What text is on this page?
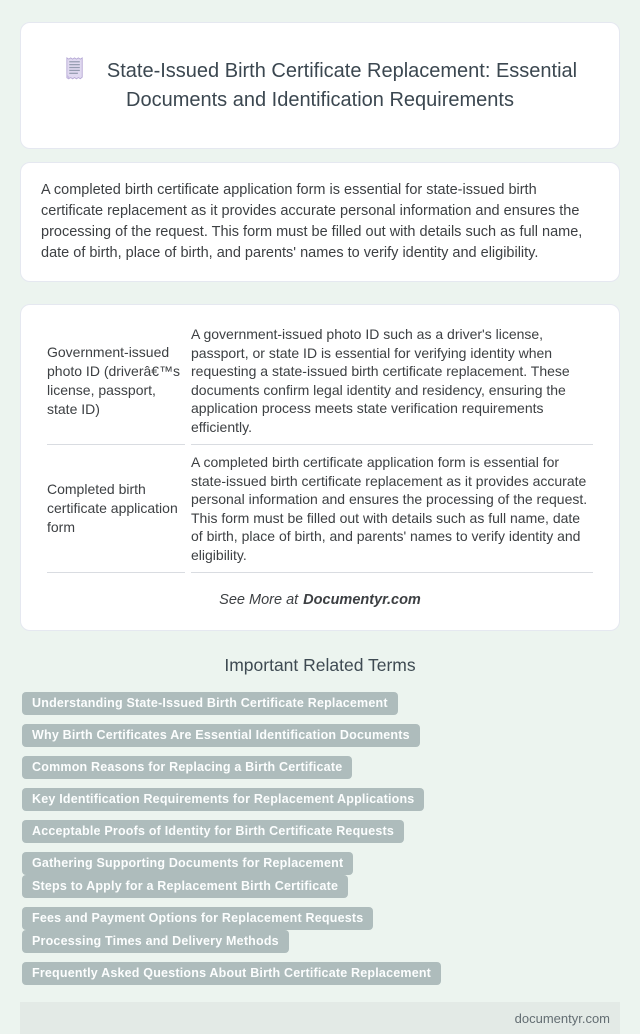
State-Issued Birth Certificate Replacement: Essential Documents and Identification Requirements

A completed birth certificate application form is essential for state-issued birth certificate replacement as it provides accurate personal information and ensures the processing of the request. This form must be filled out with details such as full name, date of birth, place of birth, and parents' names to verify identity and eligibility.

Government-issued photo ID (driverâ€™s license, passport, state ID)	A government-issued photo ID such as a driver's license, passport, or state ID is essential for verifying identity when requesting a state-issued birth certificate replacement. These documents confirm legal identity and residency, ensuring the application process meets state verification requirements efficiently.
Completed birth certificate application form	A completed birth certificate application form is essential for state-issued birth certificate replacement as it provides accurate personal information and ensures the processing of the request. This form must be filled out with details such as full name, date of birth, place of birth, and parents' names to verify identity and eligibility.
See More at Documentyr.com
Important Related Terms
Understanding State-Issued Birth Certificate Replacement
Why Birth Certificates Are Essential Identification Documents
Common Reasons for Replacing a Birth Certificate
Key Identification Requirements for Replacement Applications
Acceptable Proofs of Identity for Birth Certificate Requests
Gathering Supporting Documents for Replacement Steps to Apply for a Replacement Birth Certificate
Fees and Payment Options for Replacement Requests Processing Times and Delivery Methods
Frequently Asked Questions About Birth Certificate Replacement
documentyr.com
